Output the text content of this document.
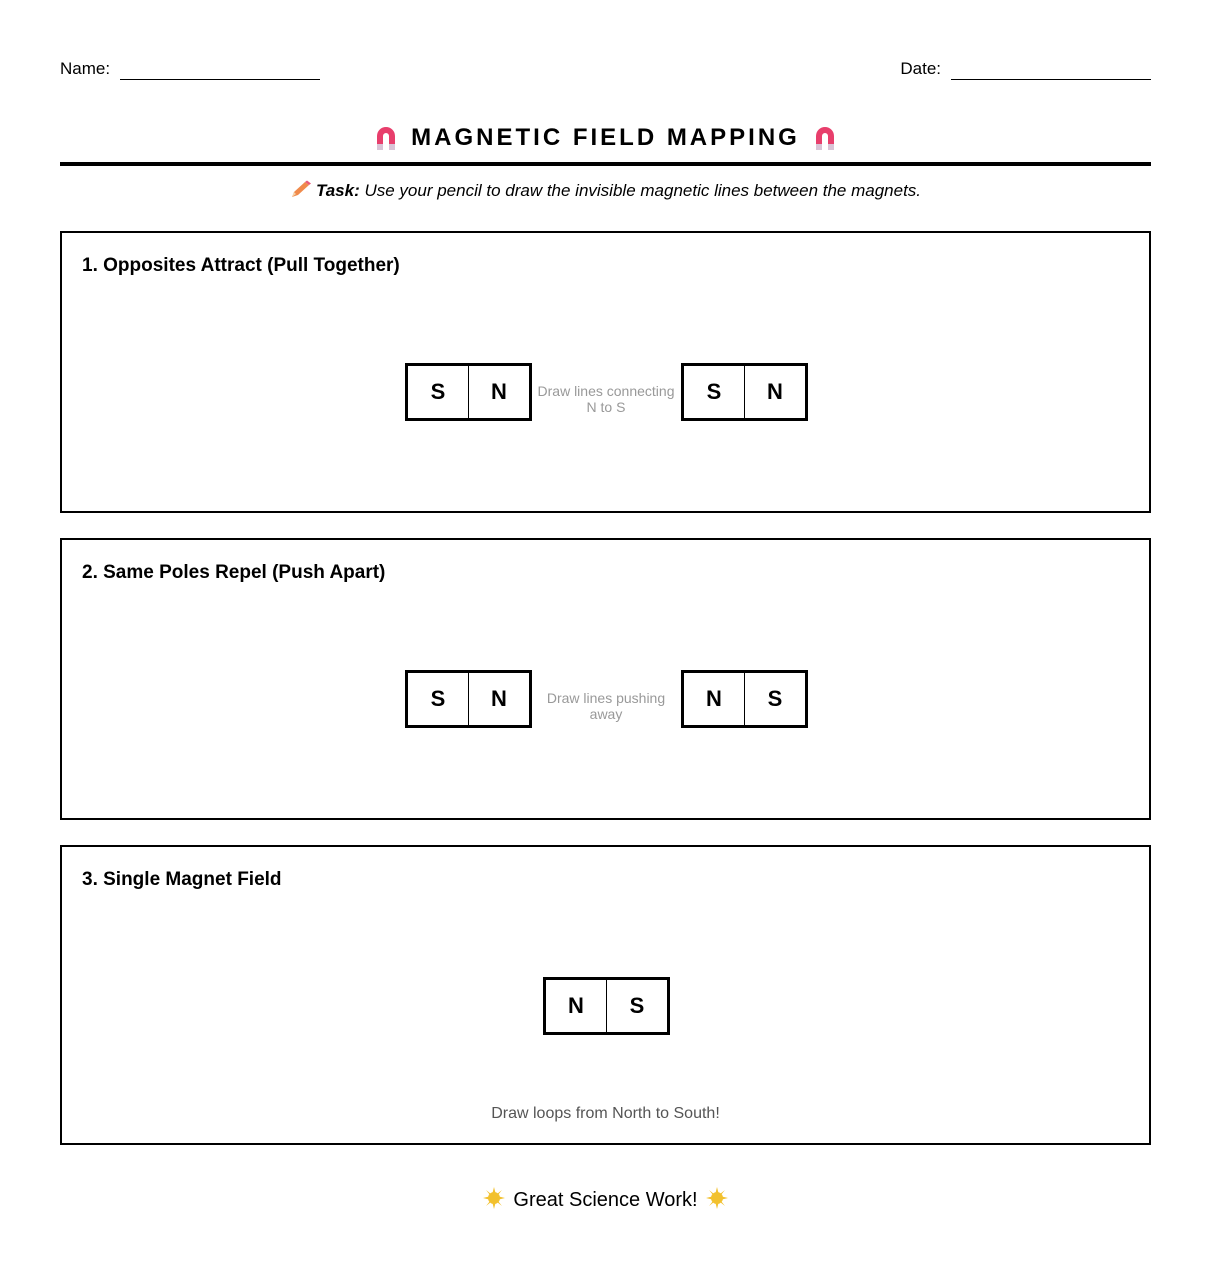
Name:	Date:
MAGNETIC FIELD MAPPING
Task: Use your pencil to draw the invisible magnetic lines between the magnets.
1. Opposites Attract (Pull Together)
S	N	Draw lines connecting N to S
S	N
2. Same Poles Repel (Push Apart)
S	N	Draw lines pushing away
N	S
3. Single Magnet Field
N	S
Draw loops from North to South!
Great Science Work!
